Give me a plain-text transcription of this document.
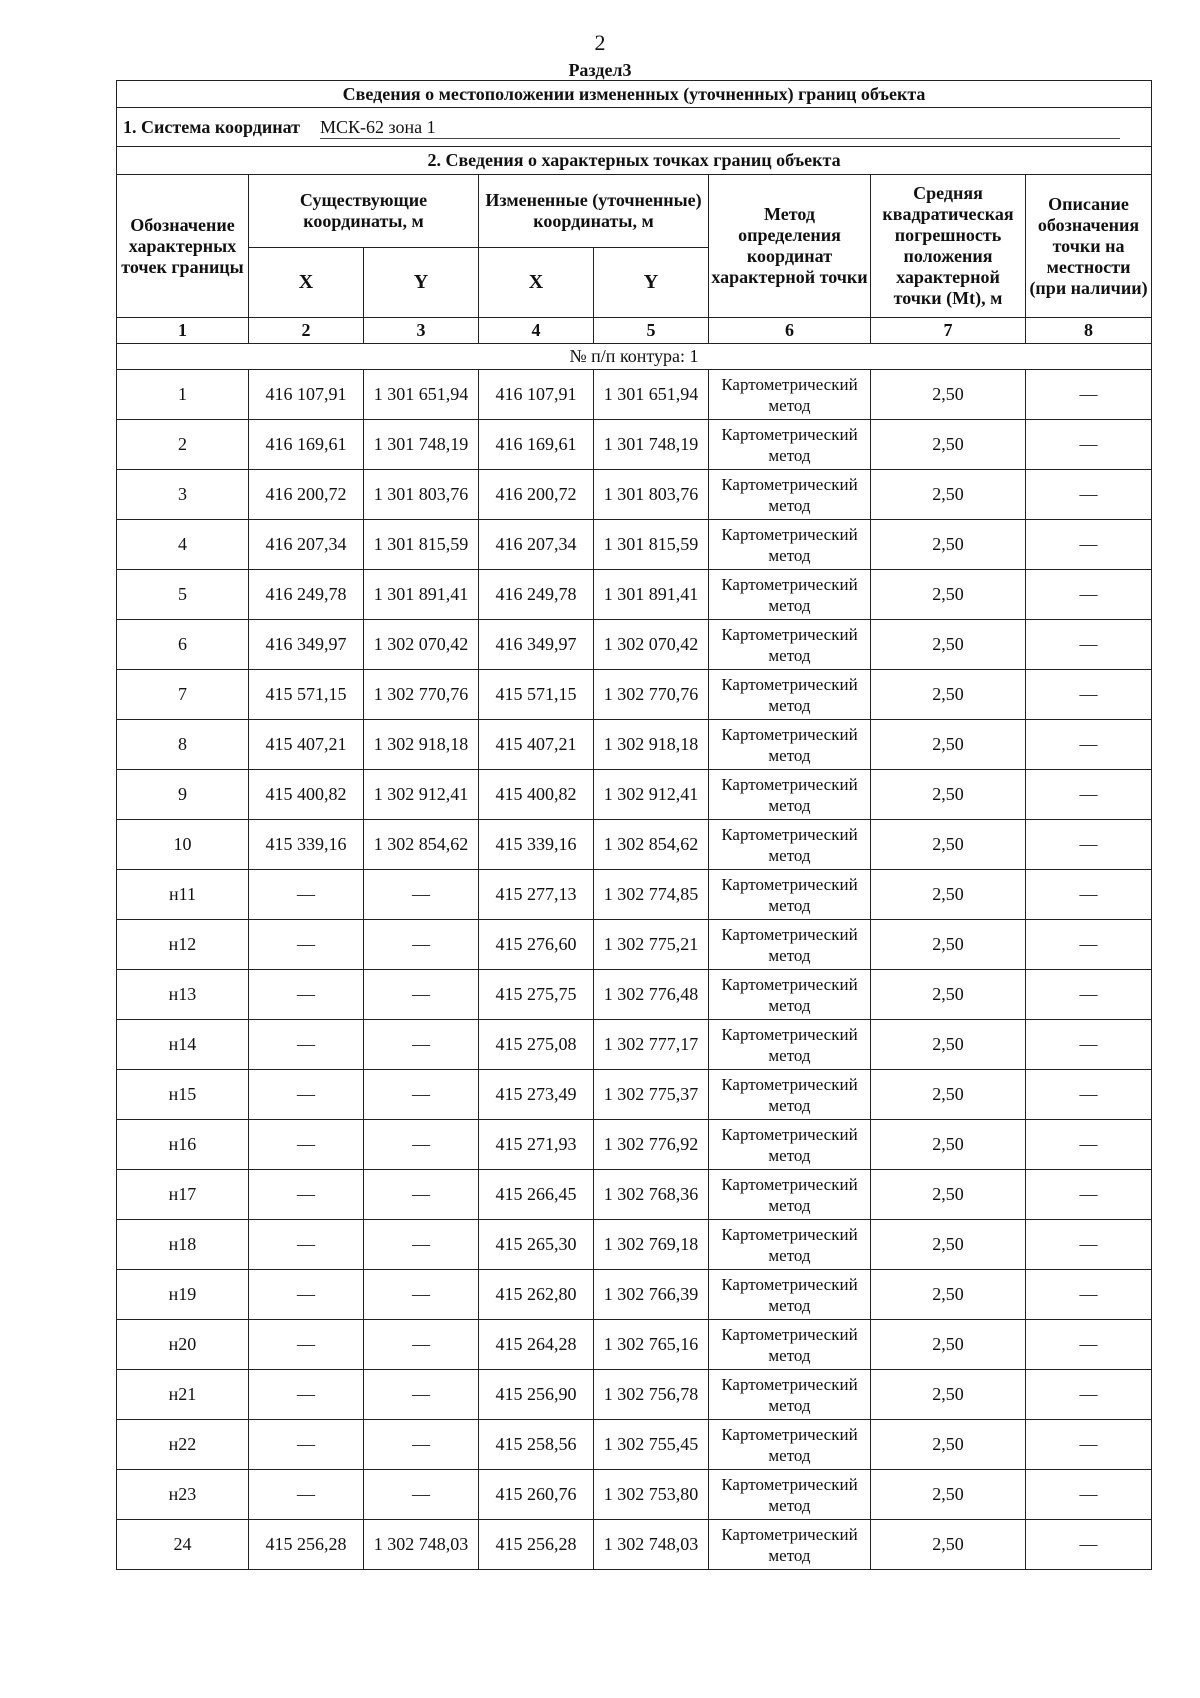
2
Раздел3
Сведения о местоположении измененных (уточненных) границ объекта							
1. Система координат МСК-62 зона 1							
2. Сведения о характерных точках границ объекта							
Обозначение характерных точек границы	Существующие координаты, м		Измененные (уточненные) координаты, м		Метод определения координат характерной точки	Средняя квадратическая погрешность положения характерной точки (Mt), м	Описание обозначения точки на местности (при наличии)
	X	Y	X	Y			
1	2	3	4	5	6	7	8
№ п/п контура: 1							
1	416 107,91	1 301 651,94	416 107,91	1 301 651,94	Картометрический метод	2,50	—
2	416 169,61	1 301 748,19	416 169,61	1 301 748,19	Картометрический метод	2,50	—
3	416 200,72	1 301 803,76	416 200,72	1 301 803,76	Картометрический метод	2,50	—
4	416 207,34	1 301 815,59	416 207,34	1 301 815,59	Картометрический метод	2,50	—
5	416 249,78	1 301 891,41	416 249,78	1 301 891,41	Картометрический метод	2,50	—
6	416 349,97	1 302 070,42	416 349,97	1 302 070,42	Картометрический метод	2,50	—
7	415 571,15	1 302 770,76	415 571,15	1 302 770,76	Картометрический метод	2,50	—
8	415 407,21	1 302 918,18	415 407,21	1 302 918,18	Картометрический метод	2,50	—
9	415 400,82	1 302 912,41	415 400,82	1 302 912,41	Картометрический метод	2,50	—
10	415 339,16	1 302 854,62	415 339,16	1 302 854,62	Картометрический метод	2,50	—
н11	—	—	415 277,13	1 302 774,85	Картометрический метод	2,50	—
н12	—	—	415 276,60	1 302 775,21	Картометрический метод	2,50	—
н13	—	—	415 275,75	1 302 776,48	Картометрический метод	2,50	—
н14	—	—	415 275,08	1 302 777,17	Картометрический метод	2,50	—
н15	—	—	415 273,49	1 302 775,37	Картометрический метод	2,50	—
н16	—	—	415 271,93	1 302 776,92	Картометрический метод	2,50	—
н17	—	—	415 266,45	1 302 768,36	Картометрический метод	2,50	—
н18	—	—	415 265,30	1 302 769,18	Картометрический метод	2,50	—
н19	—	—	415 262,80	1 302 766,39	Картометрический метод	2,50	—
н20	—	—	415 264,28	1 302 765,16	Картометрический метод	2,50	—
н21	—	—	415 256,90	1 302 756,78	Картометрический метод	2,50	—
н22	—	—	415 258,56	1 302 755,45	Картометрический метод	2,50	—
н23	—	—	415 260,76	1 302 753,80	Картометрический метод	2,50	—
24	415 256,28	1 302 748,03	415 256,28	1 302 748,03	Картометрический метод	2,50	—
